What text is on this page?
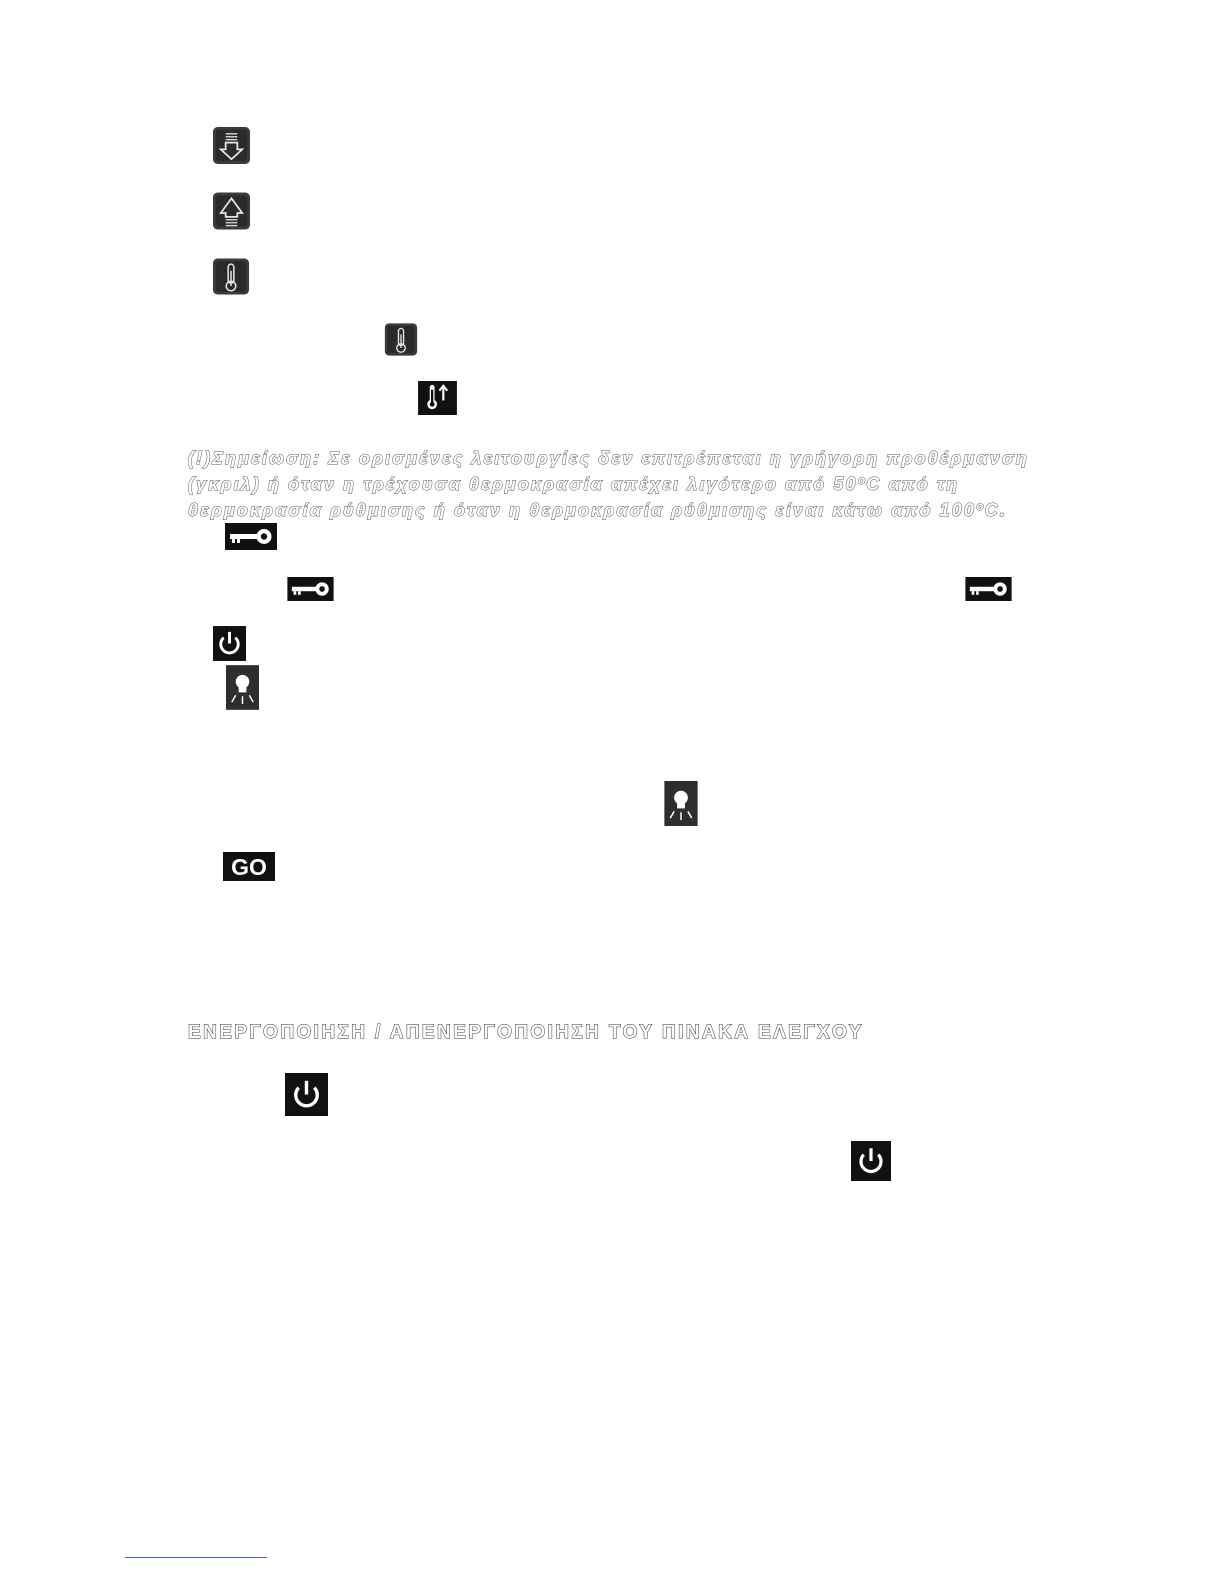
(!)Σημείωση: Σε ορισμένες λειτουργίες δεν επιτρέπεται η γρήγορη προθέρμανση
(γκριλ) ή όταν η τρέχουσα θερμοκρασία απέχει λιγότερο από 50ºC από τη
θερμοκρασία ρύθμισης ή όταν η θερμοκρασία ρύθμισης είναι κάτω από 100ºC.
GO
ΕΝΕΡΓΟΠΟΙΗΣΗ / ΑΠΕΝΕΡΓΟΠΟΙΗΣΗ ΤΟΥ ΠΙΝΑΚΑ ΕΛΕΓΧΟΥ
